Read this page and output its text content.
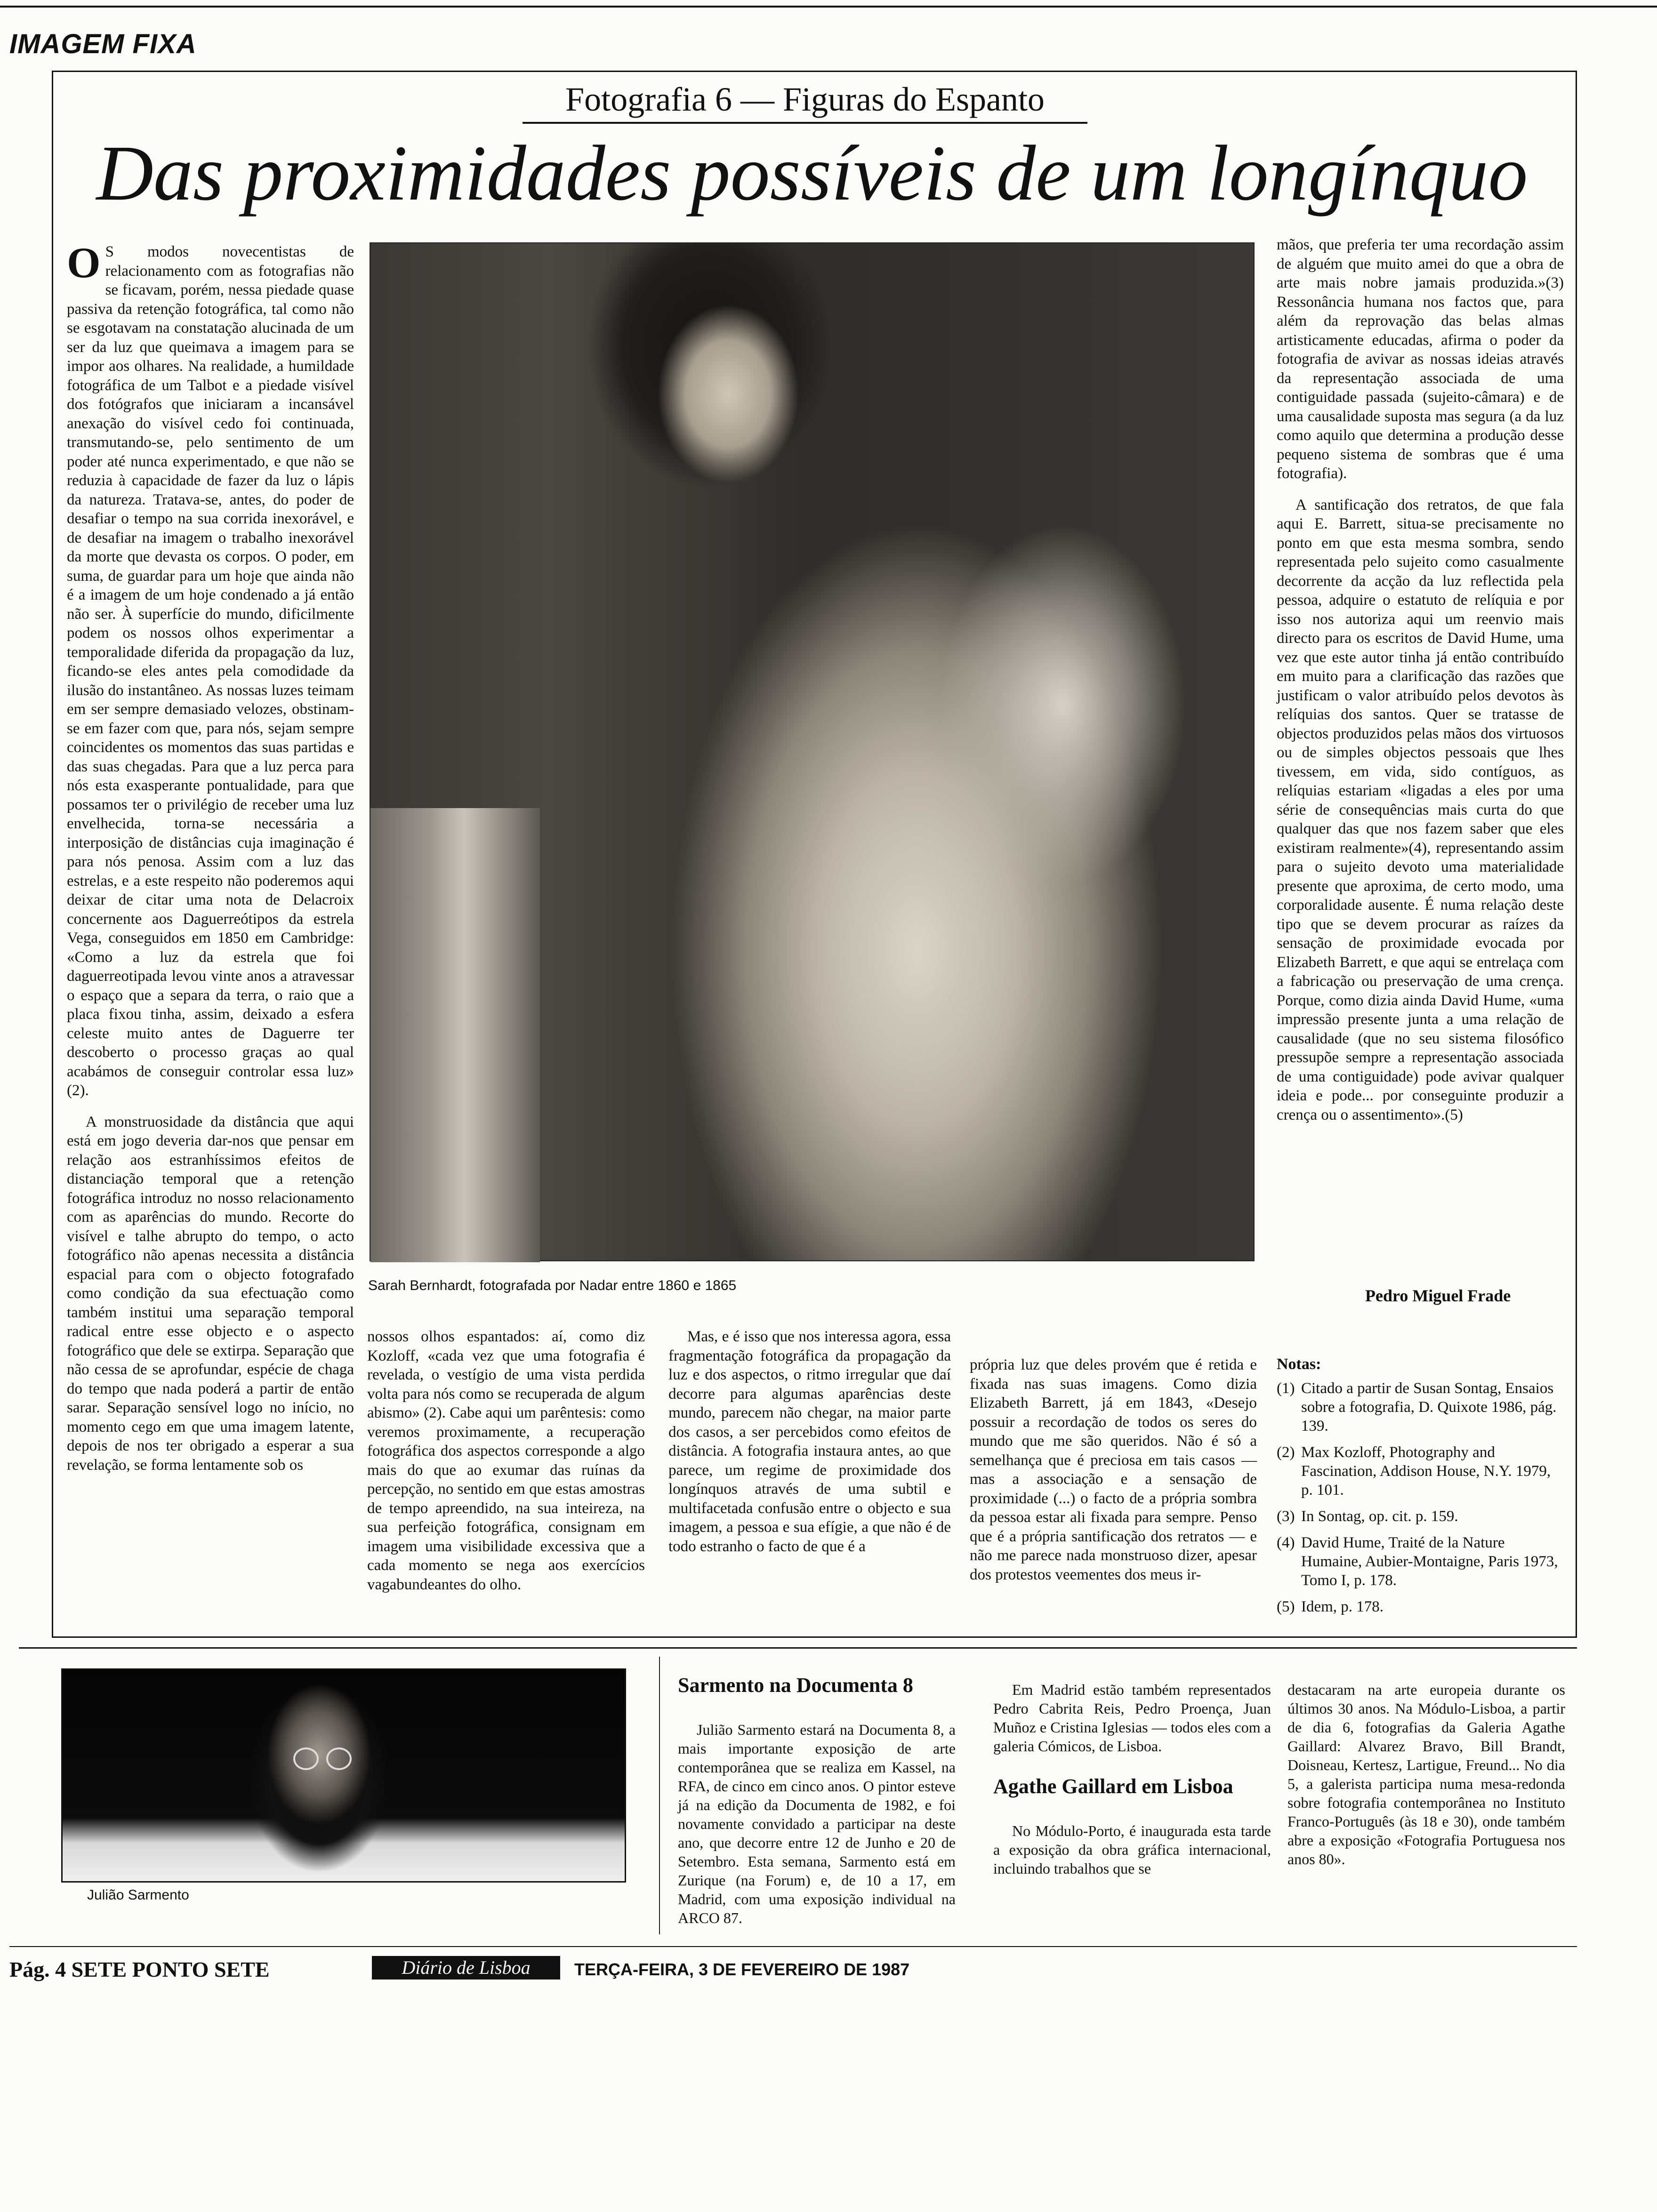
IMAGEM FIXA
Fotografia 6 — Figuras do Espanto
Das proximidades possíveis de um longínquo

O S modos novecentistas de relacionamento com as fotografias não se ficavam, porém, nessa piedade quase passiva da retenção fotográfica, tal como não se esgotavam na constatação alucinada de um ser da luz que queimava a imagem para se impor aos olhares. Na realidade, a humildade fotográfica de um Talbot e a piedade visível dos fotógrafos que iniciaram a incansável anexação do visível cedo foi continuada, transmutando-se, pelo sentimento de um poder até nunca experimentado, e que não se reduzia à capacidade de fazer da luz o lápis da natureza. Tratava-se, antes, do poder de desafiar o tempo na sua corrida inexorável, e de desafiar na imagem o trabalho inexorável da morte que devasta os corpos. O poder, em suma, de guardar para um hoje que ainda não é a imagem de um hoje condenado a já então não ser. À superfície do mundo, dificilmente podem os nossos olhos experimentar a temporalidade diferida da propagação da luz, ficando-se eles antes pela comodidade da ilusão do instantâneo. As nossas luzes teimam em ser sempre demasiado velozes, obstinam-se em fazer com que, para nós, sejam sempre coincidentes os momentos das suas partidas e das suas chegadas. Para que a luz perca para nós esta exasperante pontualidade, para que possamos ter o privilégio de receber uma luz envelhecida, torna-se necessária a interposição de distâncias cuja imaginação é para nós penosa. Assim com a luz das estrelas, e a este respeito não poderemos aqui deixar de citar uma nota de Delacroix concernente aos Daguerreótipos da estrela Vega, conseguidos em 1850 em Cambridge: «Como a luz da estrela que foi daguerreotipada levou vinte anos a atravessar o espaço que a separa da terra, o raio que a placa fixou tinha, assim, deixado a esfera celeste muito antes de Daguerre ter descoberto o processo graças ao qual acabámos de conseguir controlar essa luz» (2).

A monstruosidade da distância que aqui está em jogo deveria dar-nos que pensar em relação aos estranhíssimos efeitos de distanciação temporal que a retenção fotográfica introduz no nosso relacionamento com as aparências do mundo. Recorte do visível e talhe abrupto do tempo, o acto fotográfico não apenas necessita a distância espacial para com o objecto fotografado como condição da sua efectuação como também institui uma separação temporal radical entre esse objecto e o aspecto fotográfico que dele se extirpa. Separação que não cessa de se aprofundar, espécie de chaga do tempo que nada poderá a partir de então sarar. Separação sensível logo no início, no momento cego em que uma imagem latente, depois de nos ter obrigado a esperar a sua revelação, se forma lentamente sob os

Sarah Bernhardt, fotografada por Nadar entre 1860 e 1865
nossos olhos espantados: aí, como diz Kozloff, «cada vez que uma fotografia é revelada, o vestígio de uma vista perdida volta para nós como se recuperada de algum abismo» (2). Cabe aqui um parêntesis: como veremos proximamente, a recuperação fotográfica dos aspectos corresponde a algo mais do que ao exumar das ruínas da percepção, no sentido em que estas amostras de tempo apreendido, na sua inteireza, na sua perfeição fotográfica, consignam em imagem uma visibilidade excessiva que a cada momento se nega aos exercícios vagabundeantes do olho.
Mas, e é isso que nos interessa agora, essa fragmentação fotográfica da propagação da luz e dos aspectos, o ritmo irregular que daí decorre para algumas aparências deste mundo, parecem não chegar, na maior parte dos casos, a ser percebidos como efeitos de distância. A fotografia instaura antes, ao que parece, um regime de proximidade dos longínquos através de uma subtil e multifacetada confusão entre o objecto e sua imagem, a pessoa e sua efígie, a que não é de todo estranho o facto de que é a
própria luz que deles provém que é retida e fixada nas suas imagens. Como dizia Elizabeth Barrett, já em 1843, «Desejo possuir a recordação de todos os seres do mundo que me são queridos. Não é só a semelhança que é preciosa em tais casos — mas a associação e a sensação de proximidade (...) o facto de a própria sombra da pessoa estar ali fixada para sempre. Penso que é a própria santificação dos retratos — e não me parece nada monstruoso dizer, apesar dos protestos veementes dos meus ir-

mãos, que preferia ter uma recordação assim de alguém que muito amei do que a obra de arte mais nobre jamais produzida.»(3) Ressonância humana nos factos que, para além da reprovação das belas almas artisticamente educadas, afirma o poder da fotografia de avivar as nossas ideias através da representação associada de uma contiguidade passada (sujeito-câmara) e de uma causalidade suposta mas segura (a da luz como aquilo que determina a produção desse pequeno sistema de sombras que é uma fotografia).

A santificação dos retratos, de que fala aqui E. Barrett, situa-se precisamente no ponto em que esta mesma sombra, sendo representada pelo sujeito como casualmente decorrente da acção da luz reflectida pela pessoa, adquire o estatuto de relíquia e por isso nos autoriza aqui um reenvio mais directo para os escritos de David Hume, uma vez que este autor tinha já então contribuído em muito para a clarificação das razões que justificam o valor atribuído pelos devotos às relíquias dos santos. Quer se tratasse de objectos produzidos pelas mãos dos virtuosos ou de simples objectos pessoais que lhes tivessem, em vida, sido contíguos, as relíquias estariam «ligadas a eles por uma série de consequências mais curta do que qualquer das que nos fazem saber que eles existiram realmente»(4), representando assim para o sujeito devoto uma materialidade presente que aproxima, de certo modo, uma corporalidade ausente. É numa relação deste tipo que se devem procurar as raízes da sensação de proximidade evocada por Elizabeth Barrett, e que aqui se entrelaça com a fabricação ou preservação de uma crença. Porque, como dizia ainda David Hume, «uma impressão presente junta a uma relação de causalidade (que no seu sistema filosófico pressupõe sempre a representação associada de uma contiguidade) pode avivar qualquer ideia e pode... por conseguinte produzir a crença ou o assentimento».(5)

Pedro Miguel Frade
Notas:
(1) Citado a partir de Susan Sontag, Ensaios sobre a fotografia, D. Quixote 1986, pág. 139.
(2) Max Kozloff, Photography and Fascination, Addison House, N.Y. 1979, p. 101.
(3) In Sontag, op. cit. p. 159.
(4) David Hume, Traité de la Nature Humaine, Aubier-Montaigne, Paris 1973, Tomo I, p. 178.
(5) Idem, p. 178.
Julião Sarmento
Sarmento na Documenta 8
Julião Sarmento estará na Documenta 8, a mais importante exposição de arte contemporânea que se realiza em Kassel, na RFA, de cinco em cinco anos. O pintor esteve já na edição da Documenta de 1982, e foi novamente convidado a participar na deste ano, que decorre entre 12 de Junho e 20 de Setembro. Esta semana, Sarmento está em Zurique (na Forum) e, de 10 a 17, em Madrid, com uma exposição individual na ARCO 87.
Em Madrid estão também representados Pedro Cabrita Reis, Pedro Proença, Juan Muñoz e Cristina Iglesias — todos eles com a galeria Cómicos, de Lisboa.
Agathe Gaillard em Lisboa
No Módulo-Porto, é inaugurada esta tarde a exposição da obra gráfica internacional, incluindo trabalhos que se
destacaram na arte europeia durante os últimos 30 anos. Na Módulo-Lisboa, a partir de dia 6, fotografias da Galeria Agathe Gaillard: Alvarez Bravo, Bill Brandt, Doisneau, Kertesz, Lartigue, Freund... No dia 5, a galerista participa numa mesa-redonda sobre fotografia contemporânea no Instituto Franco-Português (às 18 e 30), onde também abre a exposição «Fotografia Portuguesa nos anos 80».
Pág. 4 SETE PONTO SETE	Diário de Lisboa	TERÇA-FEIRA, 3 DE FEVEREIRO DE 1987
